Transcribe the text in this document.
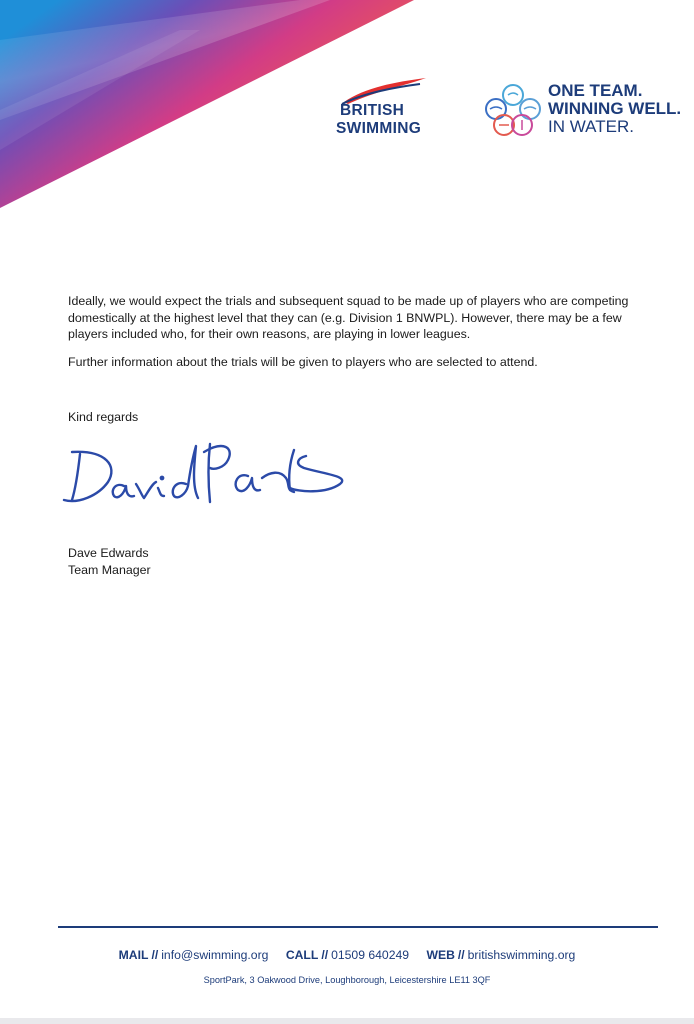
BRITISH
SWIMMING
ONE TEAM.
WINNING WELL.
IN WATER.
Ideally, we would expect the trials and subsequent squad to be made up of players who are competing domestically at the highest level that they can (e.g. Division 1 BNWPL). However, there may be a few players included who, for their own reasons, are playing in lower leagues.
Further information about the trials will be given to players who are selected to attend.
Kind regards
Dave Edwards
Team Manager
MAIL // info@swimming.org CALL // 01509 640249 WEB // britishswimming.org
SportPark, 3 Oakwood Drive, Loughborough, Leicestershire LE11 3QF
